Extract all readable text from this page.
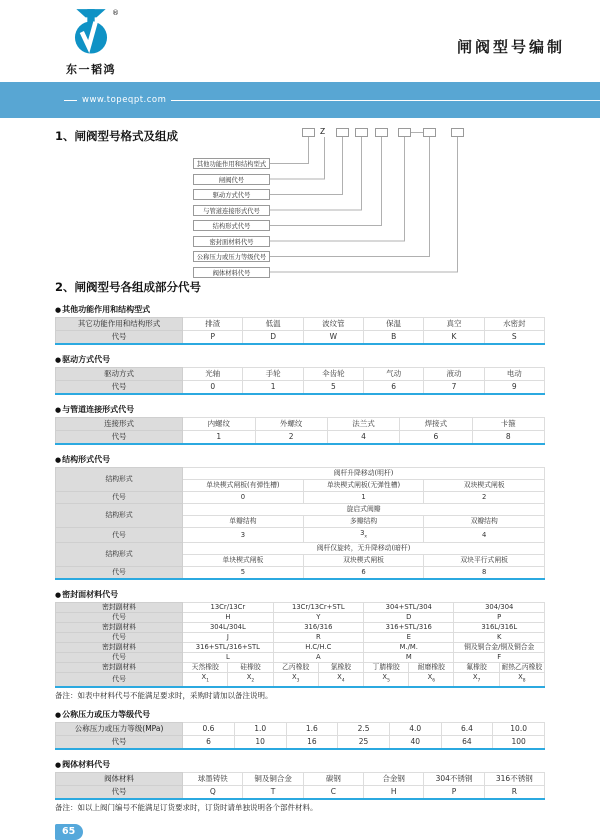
®
东一韬鸿
闸阀型号编制
www.topeqpt.com
1、闸阀型号格式及组成	Z
其他功能作用和结构型式
闸阀代号
驱动方式代号
与管道连接形式代号
结构形式代号
密封面材料代号
公称压力或压力等级代号
阀体材料代号
2、闸阀型号各组成部分代号
●其他功能作用和结构型式
其它功能作用和结构形式	排渣	低温	波纹管	保温	真空	水密封
代号	P	D	W	B	K	S
●驱动方式代号
驱动方式	光轴	手轮	伞齿轮	气动	液动	电动
代号	0	1	5	6	7	9
●与管道连接形式代号
连接形式	内螺纹	外螺纹	法兰式	焊接式	卡箍
代号	1	2	4	6	8
●结构形式代号
结构形式	阀杆升降移动(明杆)		
	单块楔式闸板(有弹性槽)	单块楔式闸板(无弹性槽)	双块楔式闸板
代号	0	1	2
结构形式	旋启式阀瓣		
	单瓣结构	多瓣结构	双瓣结构
代号	3	$3_x$	4
结构形式	阀杆仅旋转，无升降移动(暗杆)		
	单块楔式闸板	双块楔式闸板	双块平行式闸板
代号	5	6	8
●密封面材料代号
密封副材料	13Cr/13Cr		13Cr/13Cr+STL		304+STL/304		304/304	
代号	H		Y		D		P	
密封副材料	304L/304L		316/316		316+STL/316		316L/316L	
代号	J		R		E		K	
密封副材料	316+STL/316+STL		H.C/H.C		M./M.		铜及铜合金/铜及铜合金	
代号	L		A		M		F	
密封副材料	天然橡胶	硅橡胶	乙丙橡胶	氯橡胶	丁腈橡胶	耐磨橡胶	氟橡胶	耐热乙丙橡胶
代号	$X_1$	$X_2$	$X_3$	$X_4$	$X_5$	$X_6$	$X_7$	$X_8$
备注：如表中材料代号不能满足要求时，采购时请加以备注说明。
●公称压力或压力等级代号
公称压力或压力等级(MPa)	0.6	1.0	1.6	2.5	4.0	6.4	10.0
代号	6	10	16	25	40	64	100
●阀体材料代号
阀体材料	球墨铸铁	铜及铜合金	碳钢	合金钢	304不锈钢	316不锈钢
代号	Q	T	C	H	P	R
备注：如以上阀门编号不能满足订货要求时，订货时请单独说明各个部件材料。
65
